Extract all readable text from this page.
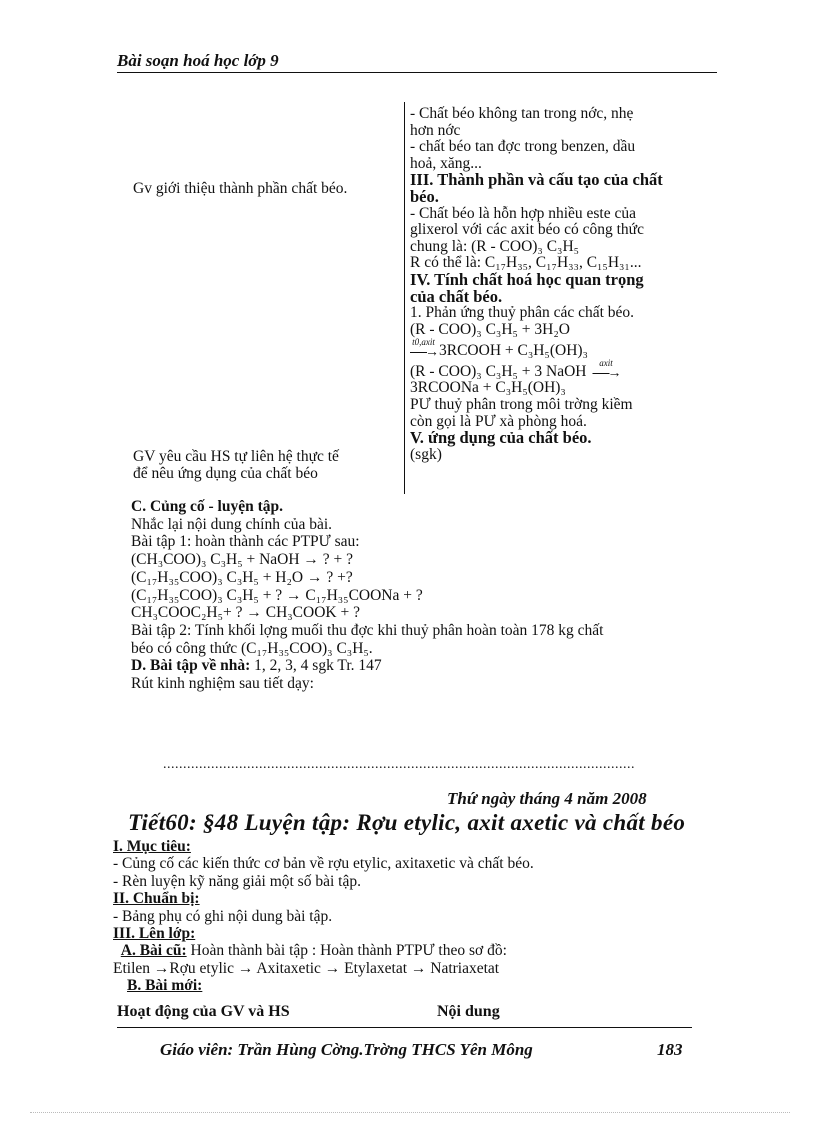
Bài soạn hoá học lớp 9
Gv giới thiệu thành phần chất béo.
GV yêu cầu HS tự liên hệ thực tế
để nêu ứng dụng của chất béo
- Chất béo không tan trong nớc, nhẹ
hơn nớc
- chất béo tan đợc trong benzen, dầu
hoả, xăng...
III. Thành phần và cấu tạo của chất
béo.
- Chất béo là hỗn hợp nhiều este của
glixerol với các axit béo có công thức
chung là: (R - COO)₃ C₃H₅
R có thể là: C₁₇H₃₅, C₁₇H₃₃, C₁₅H₃₁...
IV. Tính chất hoá học quan trọng
của chất béo.
1. Phản ứng thuỷ phân các chất béo.
(R - COO)₃ C₃H₅ + 3H₂O
t0,axit
⎯⎯⎯→ 3RCOOH + C₃H₅(OH)₃
(R - COO)₃ C₃H₅ + 3 NaOH axit
⎯⎯⎯→
3RCOONa + C₃H₅(OH)₃
PƯ thuỷ phân trong môi trờng kiềm
còn gọi là PƯ xà phòng hoá.
V. ứng dụng của chất béo.
(sgk)
C. Củng cố - luyện tập.
Nhắc lại nội dung chính của bài.
Bài tập 1: hoàn thành các PTPƯ sau:
(CH₃COO)₃ C₃H₅ + NaOH → ? + ?
(C₁₇H₃₅COO)₃ C₃H₅ + H₂O → ? +?
(C₁₇H₃₅COO)₃ C₃H₅ + ? → C₁₇H₃₅COONa + ?
CH₃COOC₂H₅+ ? → CH₃COOK + ?
Bài tập 2: Tính khối lợng muối thu đợc khi thuỷ phân hoàn toàn 178 kg chất
béo có công thức (C₁₇H₃₅COO)₃ C₃H₅.
D. Bài tập về nhà: 1, 2, 3, 4 sgk Tr. 147
Rút kinh nghiệm sau tiết dạy:
......................................................................................................................
Thứ ngày tháng 4 năm 2008
Tiết60: §48 Luyện tập: Rợu etylic, axit axetic và chất béo
I. Mục tiêu:
- Củng cố các kiến thức cơ bản về rợu etylic, axitaxetic và chất béo.
- Rèn luyện kỹ năng giải một số bài tập.
II. Chuẩn bị:
- Bảng phụ có ghi nội dung bài tập.
III. Lên lớp:
A. Bài cũ: Hoàn thành bài tập : Hoàn thành PTPƯ theo sơ đồ:
Etilen →Rợu etylic → Axitaxetic → Etylaxetat → Natriaxetat
B. Bài mới:
Hoạt động của GV và HS	Nội dung
Giáo viên: Trần Hùng Cờng.Trờng THCS Yên Mông	183
